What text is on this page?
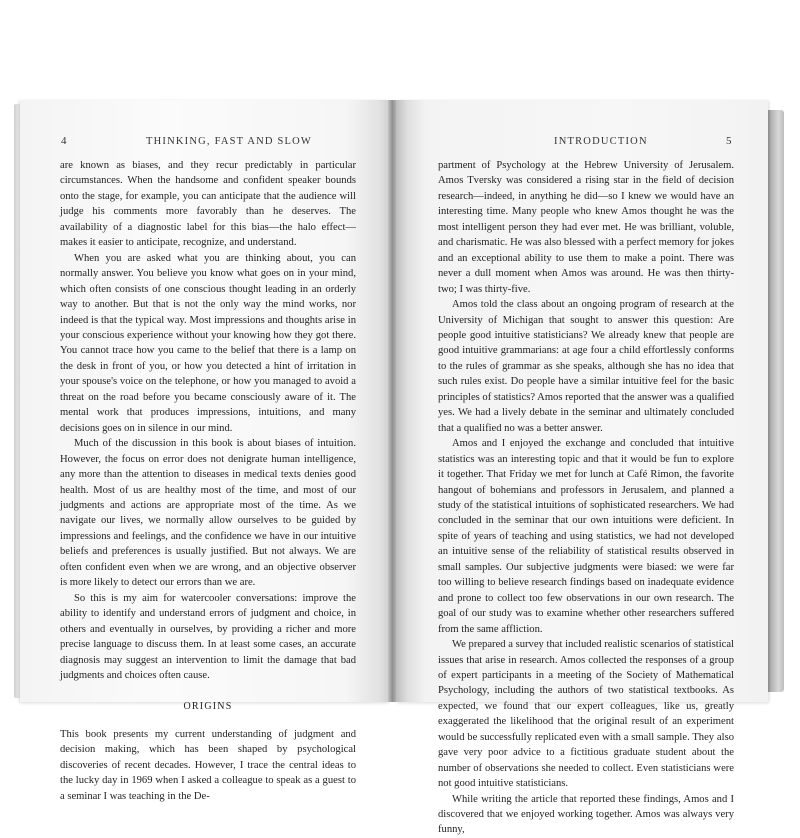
4	THINKING, FAST AND SLOW

are known as biases, and they recur predictably in particular circumstances. When the handsome and confident speaker bounds onto the stage, for example, you can anticipate that the audience will judge his comments more favorably than he deserves. The availability of a diagnostic label for this bias—the halo effect—makes it easier to anticipate, recognize, and understand.

When you are asked what you are thinking about, you can normally answer. You believe you know what goes on in your mind, which often consists of one conscious thought leading in an orderly way to another. But that is not the only way the mind works, nor indeed is that the typical way. Most impressions and thoughts arise in your conscious experience without your knowing how they got there. You cannot trace how you came to the belief that there is a lamp on the desk in front of you, or how you detected a hint of irritation in your spouse's voice on the telephone, or how you managed to avoid a threat on the road before you became consciously aware of it. The mental work that produces impressions, intuitions, and many decisions goes on in silence in our mind.

Much of the discussion in this book is about biases of intuition. However, the focus on error does not denigrate human intelligence, any more than the attention to diseases in medical texts denies good health. Most of us are healthy most of the time, and most of our judgments and actions are appropriate most of the time. As we navigate our lives, we normally allow ourselves to be guided by impressions and feelings, and the confidence we have in our intuitive beliefs and preferences is usually justified. But not always. We are often confident even when we are wrong, and an objective observer is more likely to detect our errors than we are.

So this is my aim for watercooler conversations: improve the ability to identify and understand errors of judgment and choice, in others and eventually in ourselves, by providing a richer and more precise language to discuss them. In at least some cases, an accurate diagnosis may suggest an intervention to limit the damage that bad judgments and choices often cause.

ORIGINS

This book presents my current understanding of judgment and decision making, which has been shaped by psychological discoveries of recent decades. However, I trace the central ideas to the lucky day in 1969 when I asked a colleague to speak as a guest to a seminar I was teaching in the De-

INTRODUCTION	5

partment of Psychology at the Hebrew University of Jerusalem. Amos Tversky was considered a rising star in the field of decision research—indeed, in anything he did—so I knew we would have an interesting time. Many people who knew Amos thought he was the most intelligent person they had ever met. He was brilliant, voluble, and charismatic. He was also blessed with a perfect memory for jokes and an exceptional ability to use them to make a point. There was never a dull moment when Amos was around. He was then thirty-two; I was thirty-five.

Amos told the class about an ongoing program of research at the University of Michigan that sought to answer this question: Are people good intuitive statisticians? We already knew that people are good intuitive grammarians: at age four a child effortlessly conforms to the rules of grammar as she speaks, although she has no idea that such rules exist. Do people have a similar intuitive feel for the basic principles of statistics? Amos reported that the answer was a qualified yes. We had a lively debate in the seminar and ultimately concluded that a qualified no was a better answer.

Amos and I enjoyed the exchange and concluded that intuitive statistics was an interesting topic and that it would be fun to explore it together. That Friday we met for lunch at Café Rimon, the favorite hangout of bohemians and professors in Jerusalem, and planned a study of the statistical intuitions of sophisticated researchers. We had concluded in the seminar that our own intuitions were deficient. In spite of years of teaching and using statistics, we had not developed an intuitive sense of the reliability of statistical results observed in small samples. Our subjective judgments were biased: we were far too willing to believe research findings based on inadequate evidence and prone to collect too few observations in our own research. The goal of our study was to examine whether other researchers suffered from the same affliction.

We prepared a survey that included realistic scenarios of statistical issues that arise in research. Amos collected the responses of a group of expert participants in a meeting of the Society of Mathematical Psychology, including the authors of two statistical textbooks. As expected, we found that our expert colleagues, like us, greatly exaggerated the likelihood that the original result of an experiment would be successfully replicated even with a small sample. They also gave very poor advice to a fictitious graduate student about the number of observations she needed to collect. Even statisticians were not good intuitive statisticians.

While writing the article that reported these findings, Amos and I discovered that we enjoyed working together. Amos was always very funny,
